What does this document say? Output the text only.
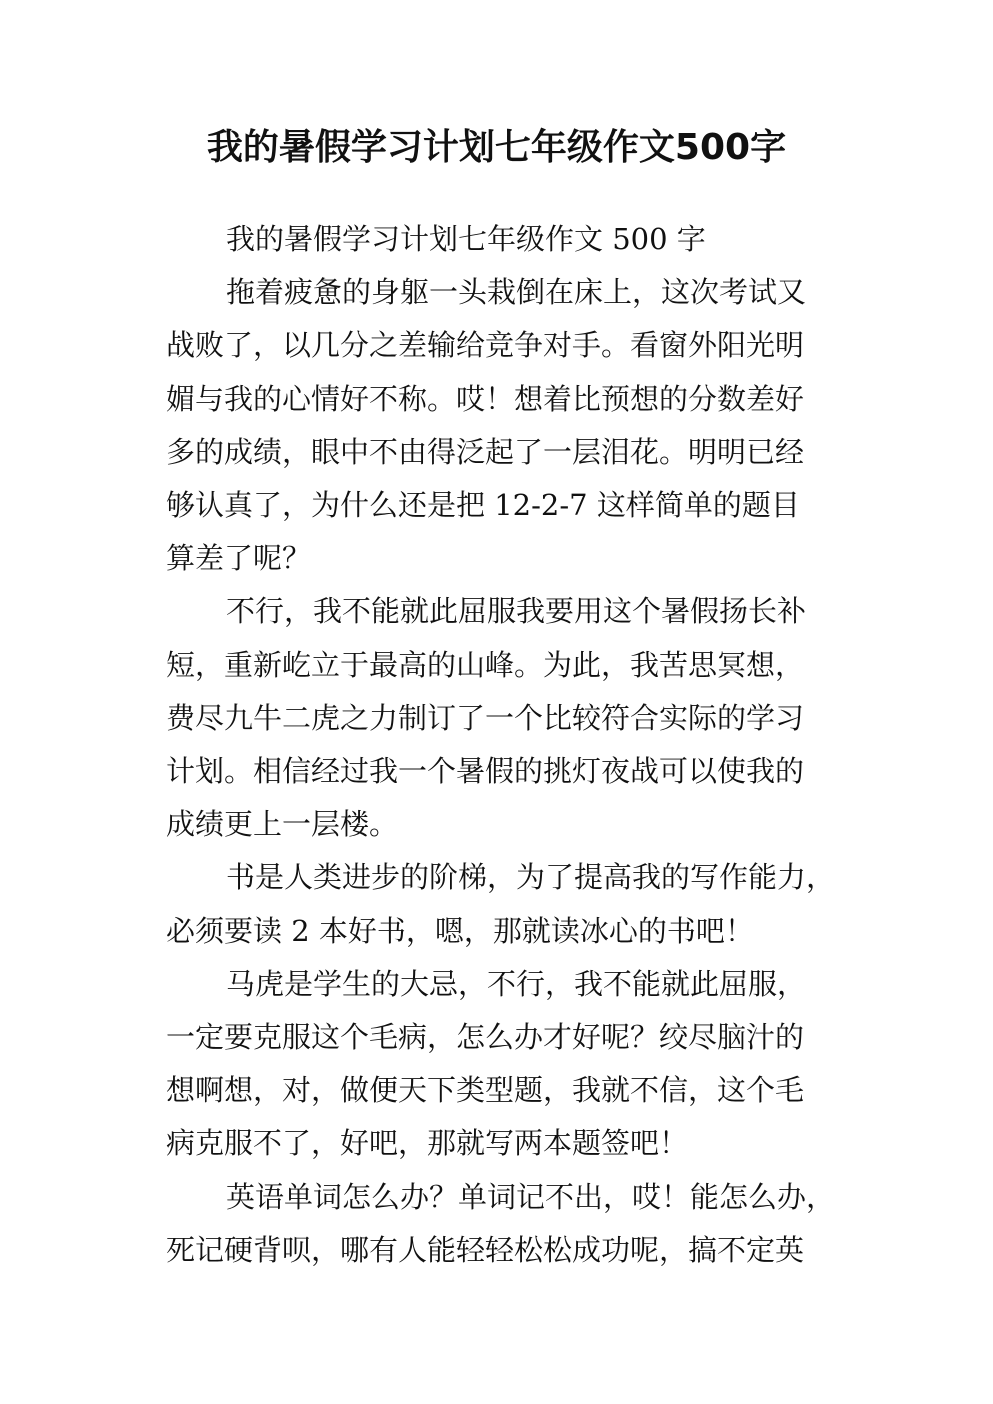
我的暑假学习计划七年级作文500字
我的暑假学习计划七年级作文 500 字
拖着疲惫的身躯一头栽倒在床上，这次考试又
战败了，以几分之差输给竞争对手。看窗外阳光明
媚与我的心情好不称。哎！想着比预想的分数差好
多的成绩，眼中不由得泛起了一层泪花。明明已经
够认真了，为什么还是把 12-2-7 这样简单的题目
算差了呢？
不行，我不能就此屈服我要用这个暑假扬长补
短，重新屹立于最高的山峰。为此，我苦思冥想，
费尽九牛二虎之力制订了一个比较符合实际的学习
计划。相信经过我一个暑假的挑灯夜战可以使我的
成绩更上一层楼。
书是人类进步的阶梯，为了提高我的写作能力，
必须要读 2 本好书，嗯，那就读冰心的书吧！
马虎是学生的大忌，不行，我不能就此屈服，
一定要克服这个毛病，怎么办才好呢？绞尽脑汁的
想啊想，对，做便天下类型题，我就不信，这个毛
病克服不了，好吧，那就写两本题签吧！
英语单词怎么办？单词记不出，哎！能怎么办，
死记硬背呗，哪有人能轻轻松松成功呢，搞不定英
